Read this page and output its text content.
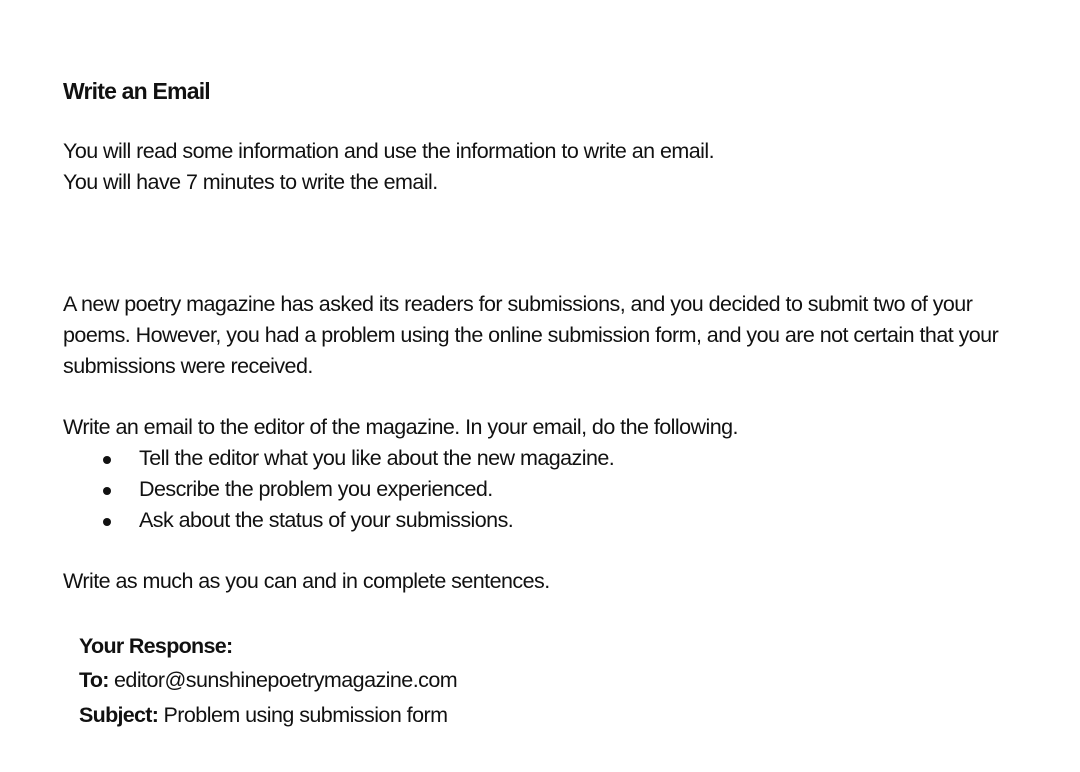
Write an Email

You will read some information and use the information to write an email.

You will have 7 minutes to write the email.

A new poetry magazine has asked its readers for submissions, and you decided to submit two of your poems. However, you had a problem using the online submission form, and you are not certain that your submissions were received.

Write an email to the editor of the magazine. In your email, do the following.

Tell the editor what you like about the new magazine.
Describe the problem you experienced.
Ask about the status of your submissions.

Write as much as you can and in complete sentences.

Your Response:
To: editor@sunshinepoetrymagazine.com
Subject: Problem using submission form
